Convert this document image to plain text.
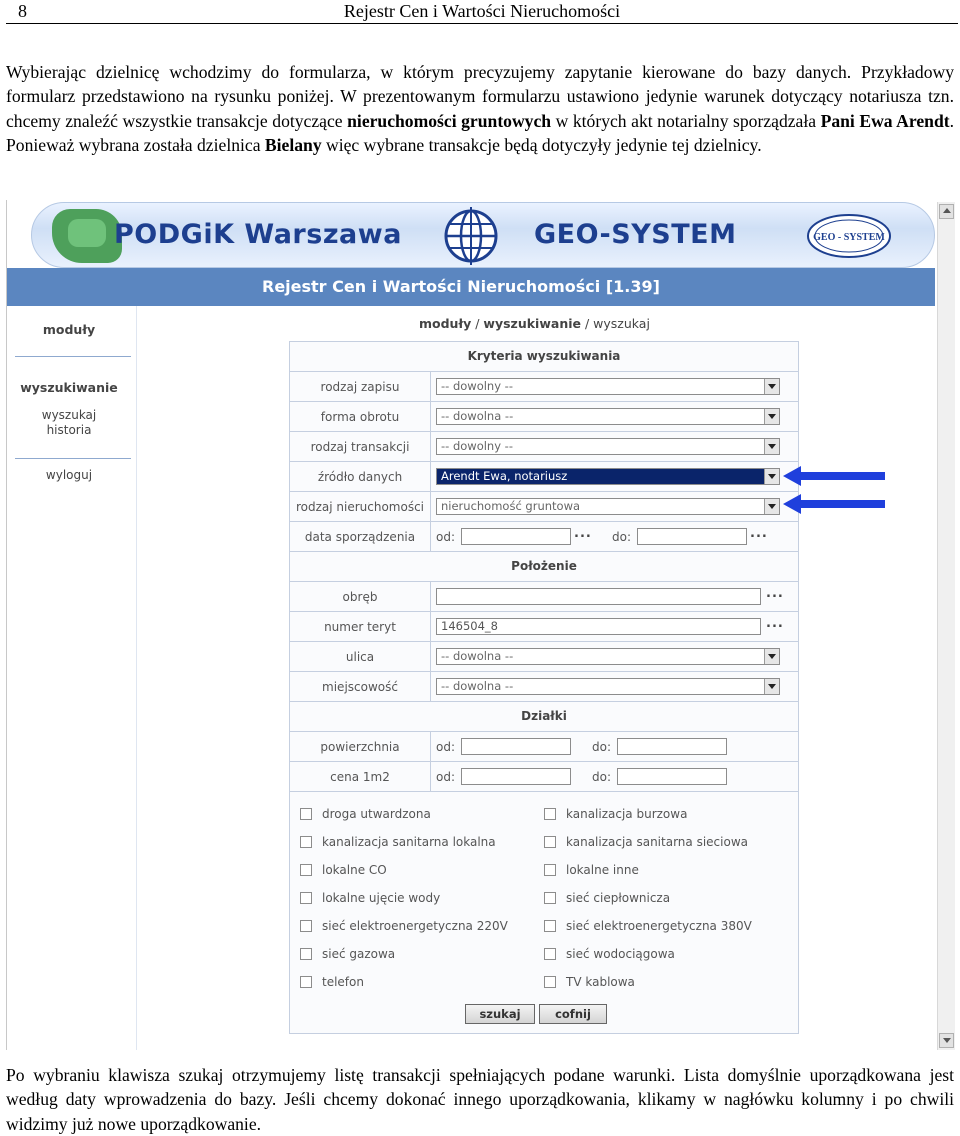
8	Rejestr Cen i Wartości Nieruchomości
Wybierając dzielnicę wchodzimy do formularza, w którym precyzujemy zapytanie kierowane do bazy danych. Przykładowy formularz przedstawiono na rysunku poniżej. W prezentowanym formularzu ustawiono jedynie warunek dotyczący notariusza tzn. chcemy znaleźć wszystkie transakcje dotyczące nieruchomości gruntowych w których akt notarialny sporządzała Pani Ewa Arendt. Ponieważ wybrana została dzielnica Bielany więc wybrane transakcje będą dotyczyły jedynie tej dzielnicy.
PODGiK Warszawa	GEO-SYSTEM	GEO - SYSTEM
Rejestr Cen i Wartości Nieruchomości [1.39]
moduły
wyszukiwanie
wyszukaj
historia
wyloguj
moduły / wyszukiwanie / wyszukaj
Kryteria wyszukiwania
rodzaj zapisu	-- dowolny --
forma obrotu	-- dowolna --
rodzaj transakcji	-- dowolny --
źródło danych	Arendt Ewa, notariusz
rodzaj nieruchomości	nieruchomość gruntowa
data sporządzenia	od:	... do:	...
Położenie
obręb	...
numer teryt	146504_8	...
ulica	-- dowolna --
miejscowość	-- dowolna --
Działki
powierzchnia	od:	do:
cena 1m2	od:	do:
droga utwardzona
kanalizacja sanitarna lokalna
lokalne CO
lokalne ujęcie wody
sieć elektroenergetyczna 220V
sieć gazowa
telefon
kanalizacja burzowa
kanalizacja sanitarna sieciowa
lokalne inne
sieć ciepłownicza
sieć elektroenergetyczna 380V
sieć wodociągowa
TV kablowa
szukaj	cofnij
Po wybraniu klawisza szukaj otrzymujemy listę transakcji spełniających podane warunki. Lista domyślnie uporządkowana jest według daty wprowadzenia do bazy. Jeśli chcemy dokonać innego uporządkowania, klikamy w nagłówku kolumny i po chwili widzimy już nowe uporządkowanie.
